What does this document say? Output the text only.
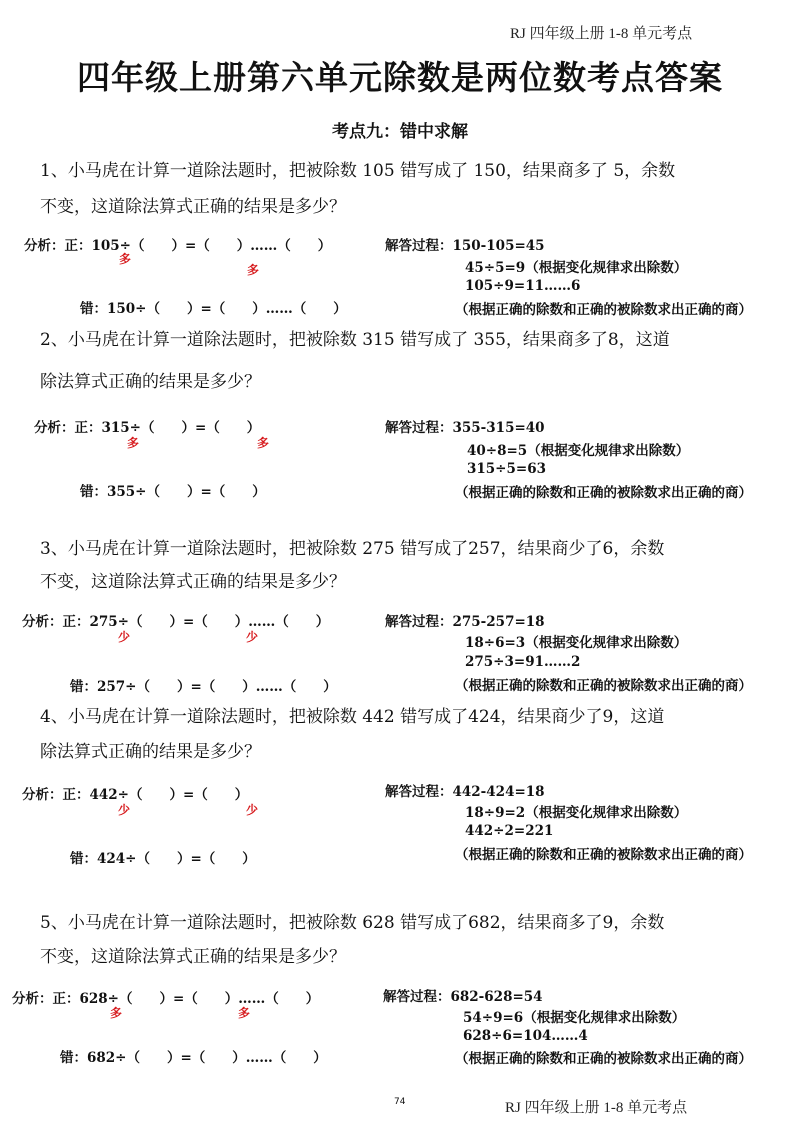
RJ 四年级上册 1-8 单元考点
四年级上册第六单元除数是两位数考点答案
考点九：错中求解
1、小马虎在计算一道除法题时，把被除数 105 错写成了 150，结果商多了 5，余数
不变，这道除法算式正确的结果是多少？
分析：正：105÷（　　）=（　　）……（　　）
多
多
错：150÷（　　）=（　　）……（　　）
解答过程：150-105=45
45÷5=9（根据变化规律求出除数）
105÷9=11……6
（根据正确的除数和正确的被除数求出正确的商）
2、小马虎在计算一道除法题时，把被除数 315 错写成了 355，结果商多了8，这道
除法算式正确的结果是多少？
分析：正：315÷（　　）=（　　）
多	多
错：355÷（　　）=（　　）
解答过程：355-315=40
40÷8=5（根据变化规律求出除数）
315÷5=63
（根据正确的除数和正确的被除数求出正确的商）
3、小马虎在计算一道除法题时，把被除数 275 错写成了257，结果商少了6，余数
不变，这道除法算式正确的结果是多少？
分析：正：275÷（　　）=（　　）……（　　）
少	少
错：257÷（　　）=（　　）……（　　）
解答过程：275-257=18
18÷6=3（根据变化规律求出除数）
275÷3=91……2
（根据正确的除数和正确的被除数求出正确的商）
4、小马虎在计算一道除法题时，把被除数 442 错写成了424，结果商少了9，这道
除法算式正确的结果是多少？
分析：正：442÷（　　）=（　　）
少	少
错：424÷（　　）=（　　）
解答过程：442-424=18
18÷9=2（根据变化规律求出除数）
442÷2=221
（根据正确的除数和正确的被除数求出正确的商）
5、小马虎在计算一道除法题时，把被除数 628 错写成了682，结果商多了9，余数
不变，这道除法算式正确的结果是多少？
分析：正：628÷（　　）=（　　）……（　　）
多	多
错：682÷（　　）=（　　）……（　　）
解答过程：682-628=54
54÷9=6（根据变化规律求出除数）
628÷6=104……4
（根据正确的除数和正确的被除数求出正确的商）
74	RJ 四年级上册 1-8 单元考点
